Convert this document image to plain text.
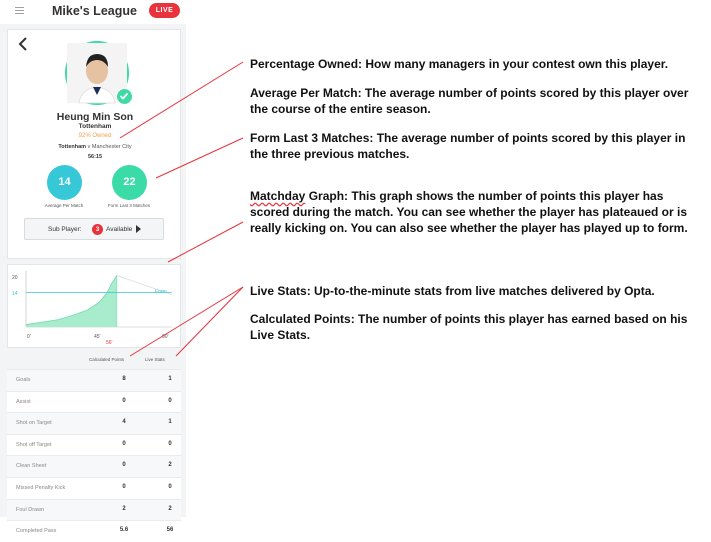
Mike's League	LIVE
Heung Min Son
Tottenham
92% Owned
Tottenham v Manchester City
56:15
14	22
Average Per Match	Form Last 3 Matches
Sub Player:	3	Available
20
14
0'	45'	90'
56'
Form
Calculated Points	Live Stats
Goals	8	1
Assist	0	0
Shot on Target	4	1
Shot off Target	0	0
Clean Sheet	0	2
Missed Penalty Kick	0	0
Foul Drawn	2	2
Completed Pass	5.6	56
Percentage Owned: How many managers in your contest own this player.
Average Per Match: The average number of points scored by this player over the course of the entire season.
Form Last 3 Matches: The average number of points scored by this player in the three previous matches.
Matchday Graph: This graph shows the number of points this player has scored during the match. You can see whether the player has plateaued or is really kicking on. You can also see whether the player has played up to form.
Live Stats: Up-to-the-minute stats from live matches delivered by Opta.
Calculated Points: The number of points this player has earned based on his Live Stats.
